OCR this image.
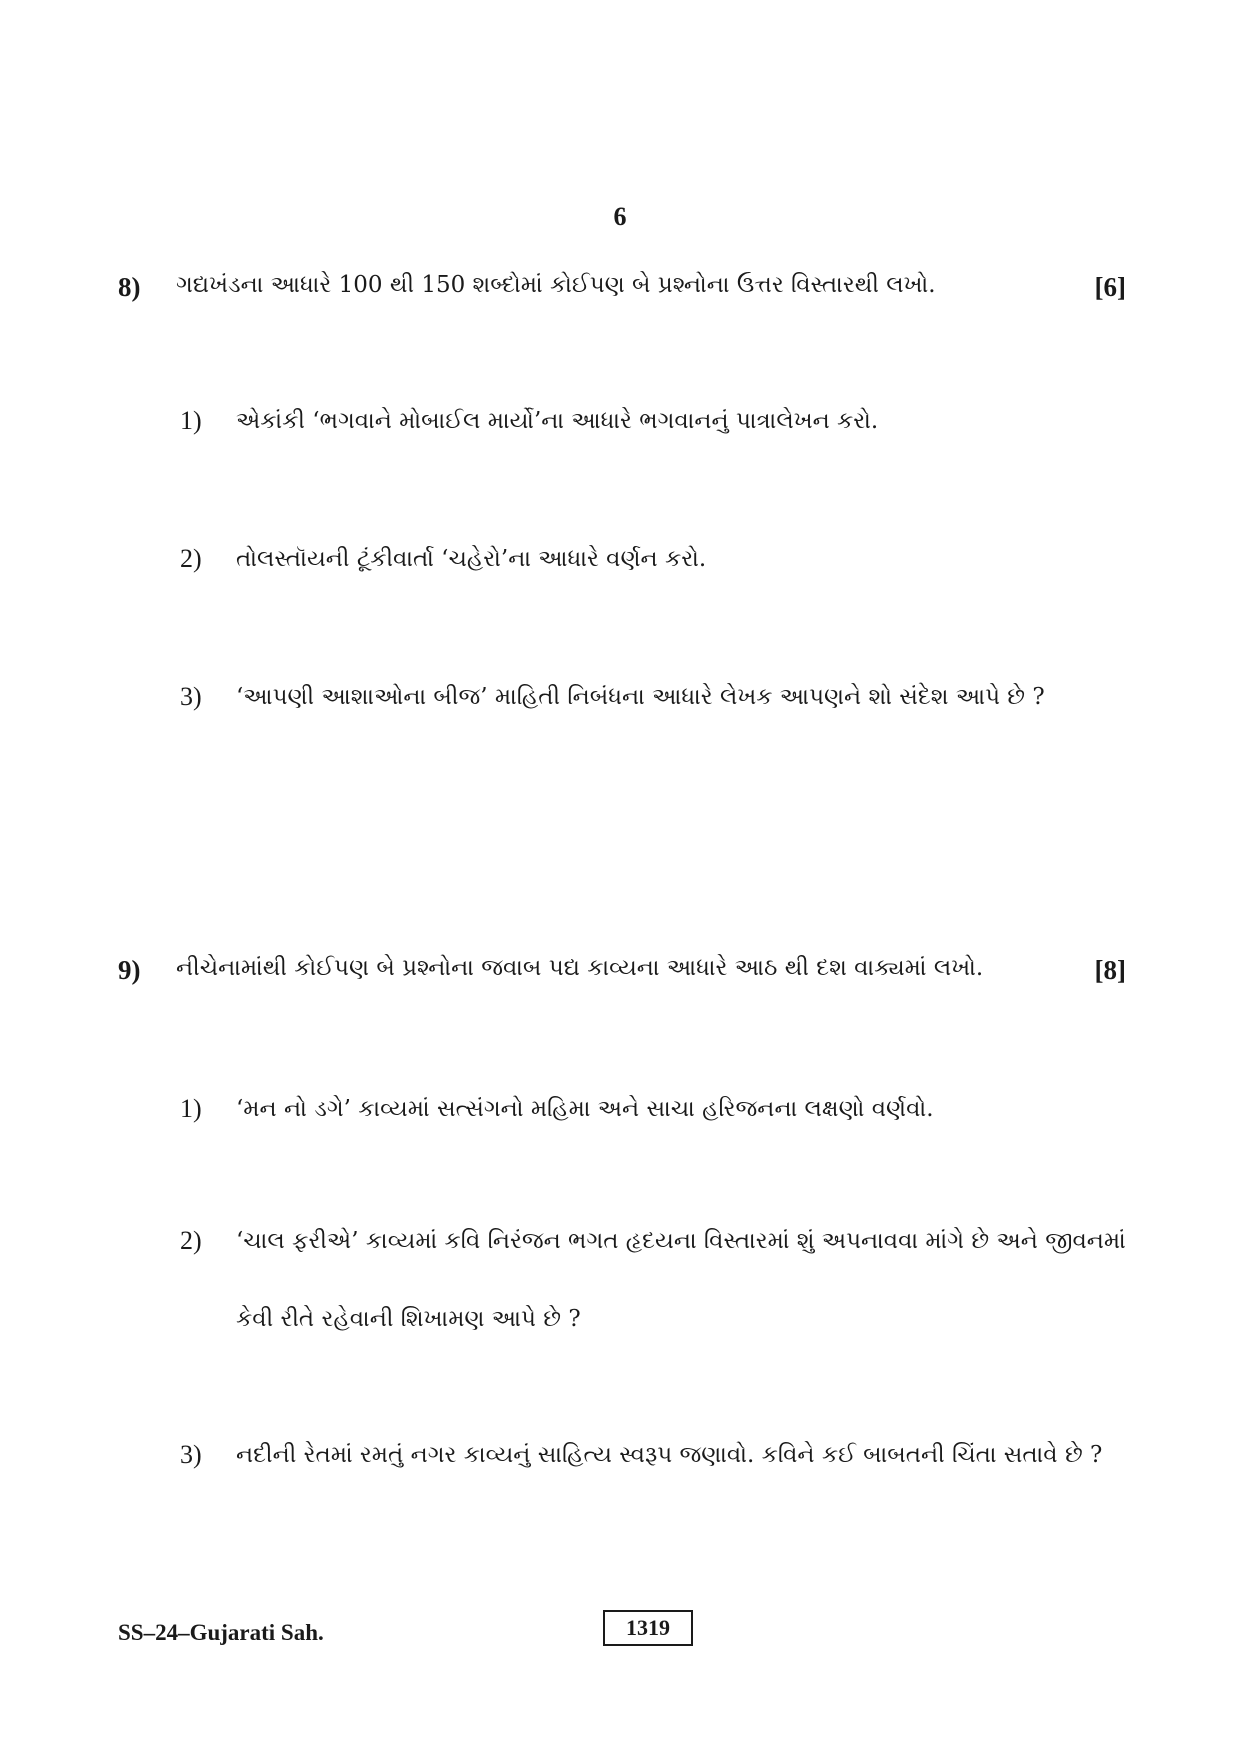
6
8) ગદ્યખંડના આધારે 100 થી 150 શબ્દોમાં કોઈપણ બે પ્રશ્નોના ઉત્તર વિસ્તારથી લખો.	[6]
1) એકાંકી ‘ભગવાને મોબાઈલ માર્યો’ના આધારે ભગવાનનું પાત્રાલેખન કરો.
2) તોલસ્તૉયની ટૂંકીવાર્તા ‘ચહેરો’ના આધારે વર્ણન કરો.
3) ‘આપણી આશાઓના બીજ’ માહિતી નિબંધના આધારે લેખક આપણને શો સંદેશ આપે છે ?
9) નીચેનામાંથી કોઈપણ બે પ્રશ્નોના જવાબ પદ્ય કાવ્યના આધારે આઠ થી દશ વાક્યમાં લખો.	[8]
1) ‘મન નો ડગે’ કાવ્યમાં સત્સંગનો મહિમા અને સાચા હરિજનના લક્ષણો વર્ણવો.
2) ‘ચાલ ફરીએ’ કાવ્યમાં કવિ નિરંજન ભગત હૃદયના વિસ્તારમાં શું અપનાવવા માંગે છે અને જીવનમાં કેવી રીતે રહેવાની શિખામણ આપે છે ?
3) નદીની રેતમાં રમતું નગર કાવ્યનું સાહિત્ય સ્વરૂપ જણાવો. કવિને કઈ બાબતની ચિંતા સતાવે છે ?
SS–24–Gujarati Sah.	1319
